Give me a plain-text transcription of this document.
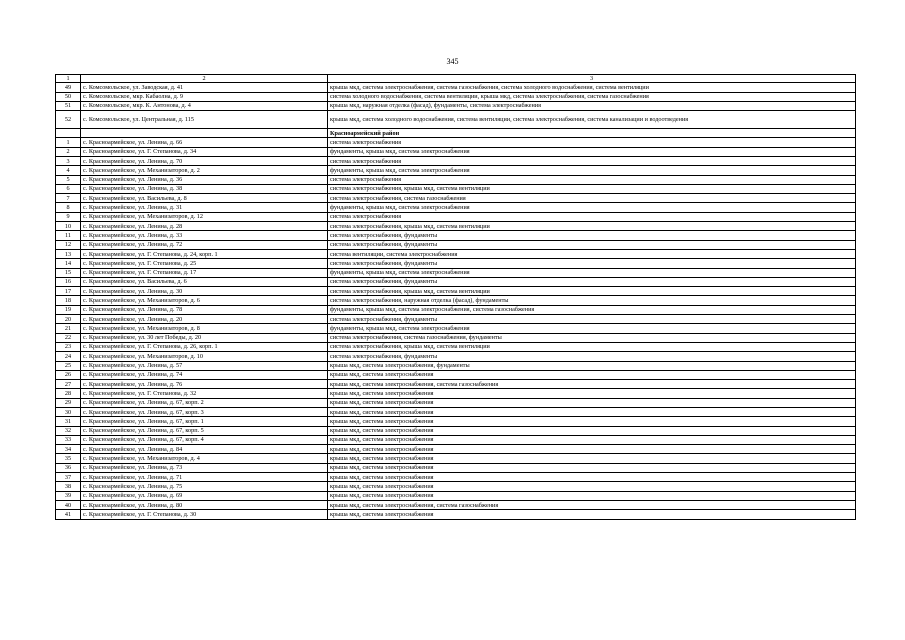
345
1	2	3
49	с. Комсомольское, ул. Заводская, д. 41	крыша мкд, система электроснабжения, система газоснабжения, система холодного водоснабжения, система вентиляции
50	с. Комсомольское, мкр. Кабаолна, д. 9	система холодного водоснабжения, система вентиляции, крыша мкд, система электроснабжения, система газоснабжения
51	с. Комсомольское, мкр. К. Антонова, д. 4	крыша мкд, наружная отделка (фасад), фундаменты, система электроснабжения
52	с. Комсомольское, ул. Центральная, д. 115	крыша мкд, система холодного водоснабжения, система вентиляции, система электроснабжения, система канализации и водоотведения
		Красноармейский район
1	с. Красноармейское, ул. Ленина, д. 66	система электроснабжения
2	с. Красноармейское, ул. Г. Степанова, д. 34	фундаменты, крыша мкд, система электроснабжения
3	с. Красноармейское, ул. Ленина, д. 70	система электроснабжения
4	с. Красноармейское, ул. Механизаторов, д. 2	фундаменты, крыша мкд, система электроснабжения
5	с. Красноармейское, ул. Ленина, д. 36	система электроснабжения
6	с. Красноармейское, ул. Ленина, д. 38	система электроснабжения, крыша мкд, система вентиляции
7	с. Красноармейское, ул. Васильева, д. 8	система электроснабжения, система газоснабжения
8	с. Красноармейское, ул. Ленина, д. 31	фундаменты, крыша мкд, система электроснабжения
9	с. Красноармейское, ул. Механизаторов, д. 12	система электроснабжения
10	с. Красноармейское, ул. Ленина, д. 28	система электроснабжения, крыша мкд, система вентиляции
11	с. Красноармейское, ул. Ленина, д. 33	система электроснабжения, фундаменты
12	с. Красноармейское, ул. Ленина, д. 72	система электроснабжения, фундаменты
13	с. Красноармейское, ул. Г. Степанова, д. 24, корп. 1	система вентиляции, система электроснабжения
14	с. Красноармейское, ул. Г. Степанова, д. 25	система электроснабжения, фундаменты
15	с. Красноармейское, ул. Г. Степанова, д. 17	фундаменты, крыша мкд, система электроснабжения
16	с. Красноармейское, ул. Васильева, д. 6	система электроснабжения, фундаменты
17	с. Красноармейское, ул. Ленина, д. 30	система электроснабжения, крыша мкд, система вентиляции
18	с. Красноармейское, ул. Механизаторов, д. 6	система электроснабжения, наружная отделка (фасад), фундаменты
19	с. Красноармейское, ул. Ленина, д. 78	фундаменты, крыша мкд, система электроснабжения, система газоснабжения
20	с. Красноармейское, ул. Ленина, д. 20	система электроснабжения, фундаменты
21	с. Красноармейское, ул. Механизаторов, д. 8	фундаменты, крыша мкд, система электроснабжения
22	с. Красноармейское, ул. 30 лет Победы, д. 20	система электроснабжения, система газоснабжения, фундаменты
23	с. Красноармейское, ул. Г. Степанова, д. 26, корп. 1	система электроснабжения, крыша мкд, система вентиляции
24	с. Красноармейское, ул. Механизаторов, д. 10	система электроснабжения, фундаменты
25	с. Красноармейское, ул. Ленина, д. 57	крыша мкд, система электроснабжения, фундаменты
26	с. Красноармейское, ул. Ленина, д. 74	крыша мкд, система электроснабжения
27	с. Красноармейское, ул. Ленина, д. 76	крыша мкд, система электроснабжения, система газоснабжения
28	с. Красноармейское, ул. Г. Степанова, д. 32	крыша мкд, система электроснабжения
29	с. Красноармейское, ул. Ленина, д. 67, корп. 2	крыша мкд, система электроснабжения
30	с. Красноармейское, ул. Ленина, д. 67, корп. 3	крыша мкд, система электроснабжения
31	с. Красноармейское, ул. Ленина, д. 67, корп. 1	крыша мкд, система электроснабжения
32	с. Красноармейское, ул. Ленина, д. 67, корп. 5	крыша мкд, система электроснабжения
33	с. Красноармейское, ул. Ленина, д. 67, корп. 4	крыша мкд, система электроснабжения
34	с. Красноармейское, ул. Ленина, д. 84	крыша мкд, система электроснабжения
35	с. Красноармейское, ул. Механизаторов, д. 4	крыша мкд, система электроснабжения
36	с. Красноармейское, ул. Ленина, д. 73	крыша мкд, система электроснабжения
37	с. Красноармейское, ул. Ленина, д. 71	крыша мкд, система электроснабжения
38	с. Красноармейское, ул. Ленина, д. 75	крыша мкд, система электроснабжения
39	с. Красноармейское, ул. Ленина, д. 69	крыша мкд, система электроснабжения
40	с. Красноармейское, ул. Ленина, д. 80	крыша мкд, система электроснабжения, система газоснабжения
41	с. Красноармейское, ул. Г. Степанова, д. 30	крыша мкд, система электроснабжения
